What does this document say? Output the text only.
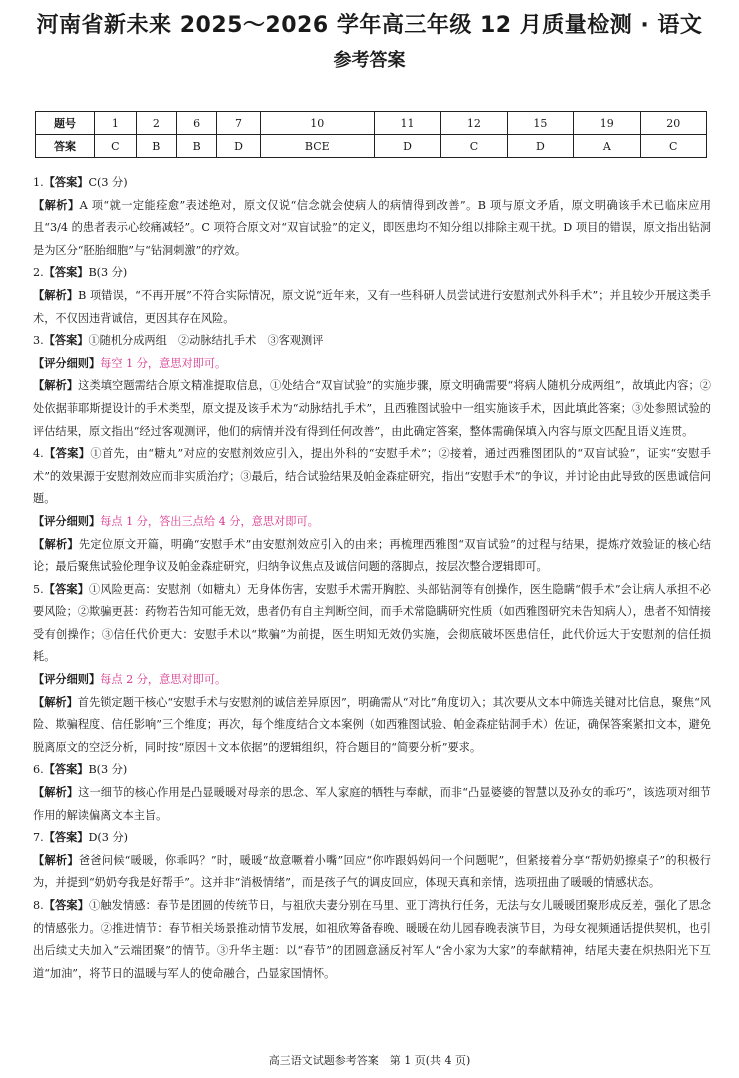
河南省新未来 2025～2026 学年高三年级 12 月质量检测 · 语文
参考答案
题号	1	2	6	7	10	11	12	15	19	20
答案	C	B	B	D	BCE	D	C	D	A	C

1.【答案】C(3 分)

【解析】A 项“就一定能痊愈”表述绝对，原文仅说“信念就会使病人的病情得到改善”。B 项与原文矛盾，原文明确该手术已临床应用且“3/4 的患者表示心绞痛减轻”。C 项符合原文对“双盲试验”的定义，即医患均不知分组以排除主观干扰。D 项目的错误，原文指出钻洞是为区分“胚胎细胞”与“钻洞刺激”的疗效。

2.【答案】B(3 分)

【解析】B 项错误，“不再开展”不符合实际情况，原文说“近年来，又有一些科研人员尝试进行安慰剂式外科手术”；并且较少开展这类手术，不仅因违背诚信，更因其存在风险。

3.【答案】①随机分成两组　②动脉结扎手术　③客观测评

【评分细则】每空 1 分，意思对即可。

【解析】这类填空题需结合原文精准提取信息，①处结合“双盲试验”的实施步骤，原文明确需要“将病人随机分成两组”，故填此内容；②处依据菲耶斯提设计的手术类型，原文提及该手术为“动脉结扎手术”，且西雅图试验中一组实施该手术，因此填此答案；③处参照试验的评估结果，原文指出“经过客观测评，他们的病情并没有得到任何改善”，由此确定答案，整体需确保填入内容与原文匹配且语义连贯。

4.【答案】①首先，由“糖丸”对应的安慰剂效应引入，提出外科的“安慰手术”；②接着，通过西雅图团队的“双盲试验”，证实“安慰手术”的效果源于安慰剂效应而非实质治疗；③最后，结合试验结果及帕金森症研究，指出“安慰手术”的争议，并讨论由此导致的医患诚信问题。

【评分细则】每点 1 分，答出三点给 4 分，意思对即可。

【解析】先定位原文开篇，明确“安慰手术”由安慰剂效应引入的由来；再梳理西雅图“双盲试验”的过程与结果，提炼疗效验证的核心结论；最后聚焦试验伦理争议及帕金森症研究，归纳争议焦点及诚信问题的落脚点，按层次整合逻辑即可。

5.【答案】①风险更高：安慰剂（如糖丸）无身体伤害，安慰手术需开胸腔、头部钻洞等有创操作，医生隐瞒“假手术”会让病人承担不必要风险；②欺骗更甚：药物若告知可能无效，患者仍有自主判断空间，而手术常隐瞒研究性质（如西雅图研究未告知病人），患者不知情接受有创操作；③信任代价更大：安慰手术以“欺骗”为前提，医生明知无效仍实施，会彻底破坏医患信任，此代价远大于安慰剂的信任损耗。

【评分细则】每点 2 分，意思对即可。

【解析】首先锁定题干核心“安慰手术与安慰剂的诚信差异原因”，明确需从“对比”角度切入；其次要从文本中筛选关键对比信息，聚焦“风险、欺骗程度、信任影响”三个维度；再次，每个维度结合文本案例（如西雅图试验、帕金森症钻洞手术）佐证，确保答案紧扣文本，避免脱离原文的空泛分析，同时按“原因＋文本依据”的逻辑组织，符合题目的“简要分析”要求。

6.【答案】B(3 分)

【解析】这一细节的核心作用是凸显暖暖对母亲的思念、军人家庭的牺牲与奉献，而非“凸显婆婆的智慧以及孙女的乖巧”，该选项对细节作用的解读偏离文本主旨。

7.【答案】D(3 分)

【解析】爸爸问候“暖暖，你乖吗？”时，暖暖“故意噘着小嘴”回应“你咋跟妈妈问一个问题呢”，但紧接着分享“帮奶奶擦桌子”的积极行为，并提到“奶奶夸我是好帮手”。这并非“消极情绪”，而是孩子气的调皮回应，体现天真和亲情，选项扭曲了暖暖的情感状态。

8.【答案】①触发情感：春节是团圆的传统节日，与祖欣夫妻分别在马里、亚丁湾执行任务，无法与女儿暖暖团聚形成反差，强化了思念的情感张力。②推进情节：春节相关场景推动情节发展，如祖欣筹备春晚、暖暖在幼儿园春晚表演节目，为母女视频通话提供契机，也引出后续丈夫加入“云端团聚”的情节。③升华主题：以“春节”的团圆意涵反衬军人“舍小家为大家”的奉献精神，结尾夫妻在炽热阳光下互道“加油”，将节日的温暖与军人的使命融合，凸显家国情怀。

高三语文试题参考答案　第 1 页(共 4 页)
